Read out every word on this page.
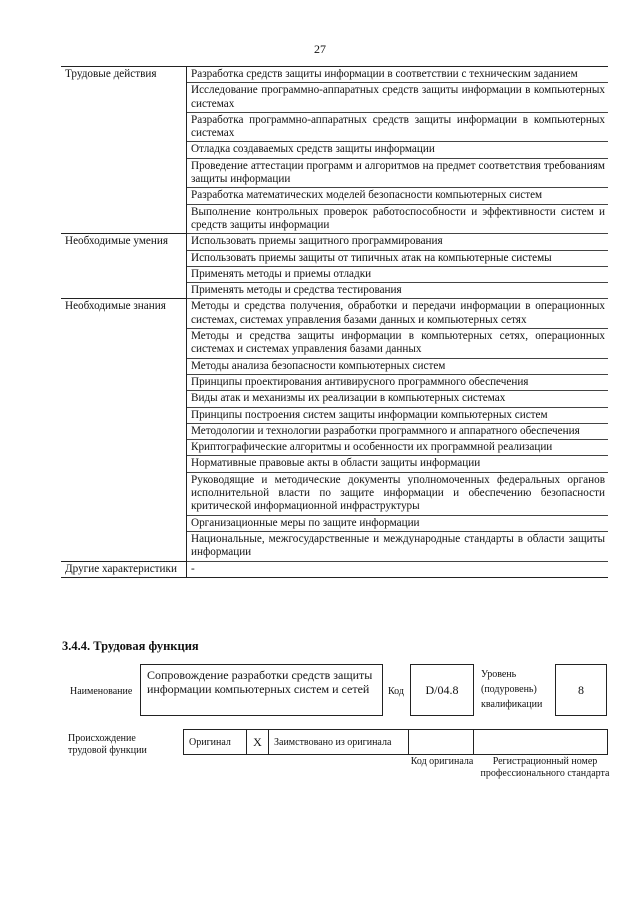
27
Трудовые действия	Разработка средств защиты информации в соответствии с техническим заданием
	Исследование программно-аппаратных средств защиты информации в компьютерных системах
	Разработка программно-аппаратных средств защиты информации в компьютерных системах
	Отладка создаваемых средств защиты информации
	Проведение аттестации программ и алгоритмов на предмет соответствия требованиям защиты информации
	Разработка математических моделей безопасности компьютерных систем
	Выполнение контрольных проверок работоспособности и эффективности систем и средств защиты информации
Необходимые умения	Использовать приемы защитного программирования
	Использовать приемы защиты от типичных атак на компьютерные системы
	Применять методы и приемы отладки
	Применять методы и средства тестирования
Необходимые знания	Методы и средства получения, обработки и передачи информации в операционных системах, системах управления базами данных и компьютерных сетях
	Методы и средства защиты информации в компьютерных сетях, операционных системах и системах управления базами данных
	Методы анализа безопасности компьютерных систем
	Принципы проектирования антивирусного программного обеспечения
	Виды атак и механизмы их реализации в компьютерных системах
	Принципы построения систем защиты информации компьютерных систем
	Методологии и технологии разработки программного и аппаратного обеспечения
	Криптографические алгоритмы и особенности их программной реализации
	Нормативные правовые акты в области защиты информации
	Руководящие и методические документы уполномоченных федеральных органов исполнительной власти по защите информации и обеспечению безопасности критической информационной инфраструктуры
	Организационные меры по защите информации
	Национальные, межгосударственные и международные стандарты в области защиты информации
Другие характеристики	-
3.4.4. Трудовая функция
Наименование
Сопровождение разработки средств защиты информации компьютерных систем и сетей	Код	D/04.8
Уровень (подуровень) квалификации
8
Происхождение трудовой функции
Оригинал	X	Заимствовано из оригинала
Код оригинала	Регистрационный номер профессионального стандарта
